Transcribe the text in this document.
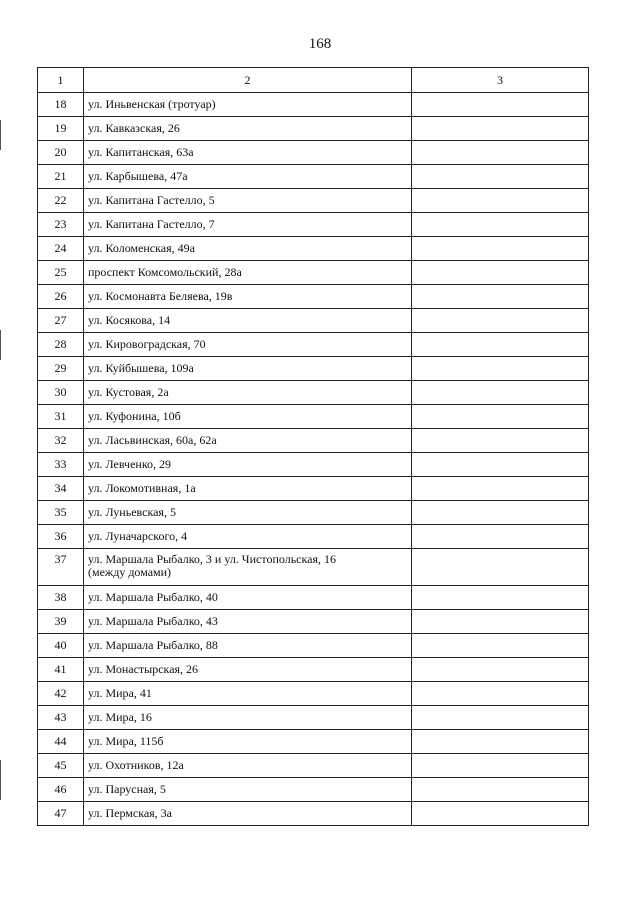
168
1	2	3
18	ул. Иньвенская (тротуар)	

19	ул. Кавказская, 26	

20	ул. Капитанская, 63а	

21	ул. Карбышева, 47а	

22	ул. Капитана Гастелло, 5	

23	ул. Капитана Гастелло, 7	

24	ул. Коломенская, 49а	

25	проспект Комсомольский, 28а	

26	ул. Космонавта Беляева, 19в	

27	ул. Косякова, 14	

28	ул. Кировоградская, 70	

29	ул. Куйбышева, 109а	

30	ул. Кустовая, 2а	

31	ул. Куфонина, 10б	

32	ул. Ласьвинская, 60а, 62а	

33	ул. Левченко, 29	

34	ул. Локомотивная, 1а	

35	ул. Луньевская, 5	

36	ул. Луначарского, 4	

37	ул. Маршала Рыбалко, 3 и ул. Чистопольская, 16
(между домами)	

38	ул. Маршала Рыбалко, 40	

39	ул. Маршала Рыбалко, 43	

40	ул. Маршала Рыбалко, 88	

41	ул. Монастырская, 26	

42	ул. Мира, 41	

43	ул. Мира, 16	

44	ул. Мира, 115б	

45	ул. Охотников, 12а	

46	ул. Парусная, 5	

47	ул. Пермская, 3а	
